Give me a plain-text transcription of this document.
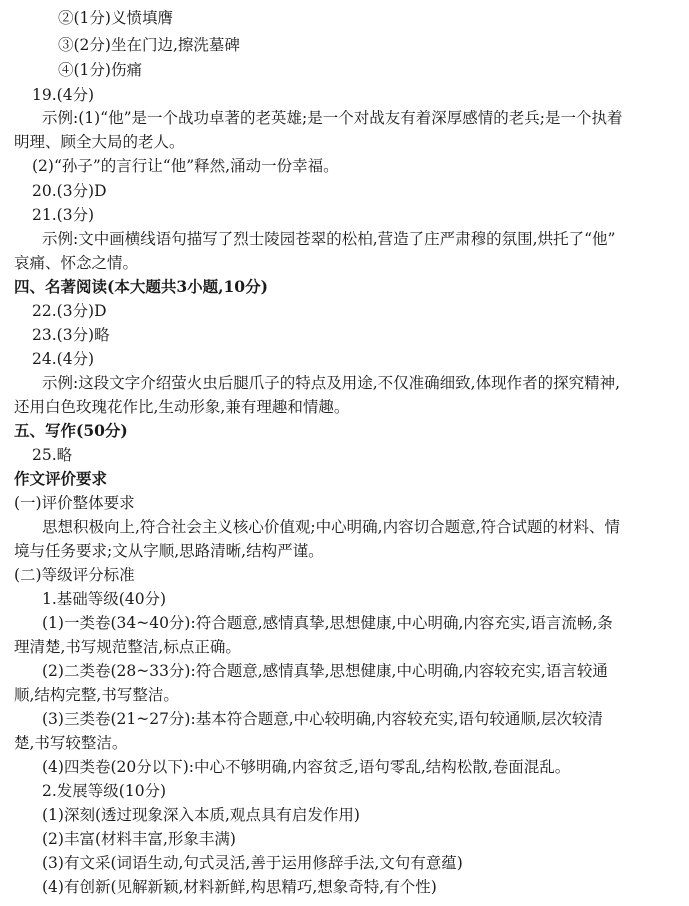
②(1分)义愤填膺
③(2分)坐在门边,擦洗墓碑
④(1分)伤痛
19.(4分)
示例:(1)“他”是一个战功卓著的老英雄;是一个对战友有着深厚感情的老兵;是一个执着
明理、顾全大局的老人。
(2)“孙子”的言行让“他”释然,涌动一份幸福。
20.(3分)D
21.(3分)
示例:文中画横线语句描写了烈士陵园苍翠的松柏,营造了庄严肃穆的氛围,烘托了“他”
哀痛、怀念之情。
四、名著阅读(本大题共3小题,10分)
22.(3分)D
23.(3分)略
24.(4分)
示例:这段文字介绍萤火虫后腿爪子的特点及用途,不仅准确细致,体现作者的探究精神,
还用白色玫瑰花作比,生动形象,兼有理趣和情趣。
五、写作(50分)
25.略
作文评价要求
(一)评价整体要求
思想积极向上,符合社会主义核心价值观;中心明确,内容切合题意,符合试题的材料、情
境与任务要求;文从字顺,思路清晰,结构严谨。
(二)等级评分标准
1.基础等级(40分)
(1)一类卷(34~40分):符合题意,感情真挚,思想健康,中心明确,内容充实,语言流畅,条
理清楚,书写规范整洁,标点正确。
(2)二类卷(28~33分):符合题意,感情真挚,思想健康,中心明确,内容较充实,语言较通
顺,结构完整,书写整洁。
(3)三类卷(21~27分):基本符合题意,中心较明确,内容较充实,语句较通顺,层次较清
楚,书写较整洁。
(4)四类卷(20分以下):中心不够明确,内容贫乏,语句零乱,结构松散,卷面混乱。
2.发展等级(10分)
(1)深刻(透过现象深入本质,观点具有启发作用)
(2)丰富(材料丰富,形象丰满)
(3)有文采(词语生动,句式灵活,善于运用修辞手法,文句有意蕴)
(4)有创新(见解新颖,材料新鲜,构思精巧,想象奇特,有个性)
